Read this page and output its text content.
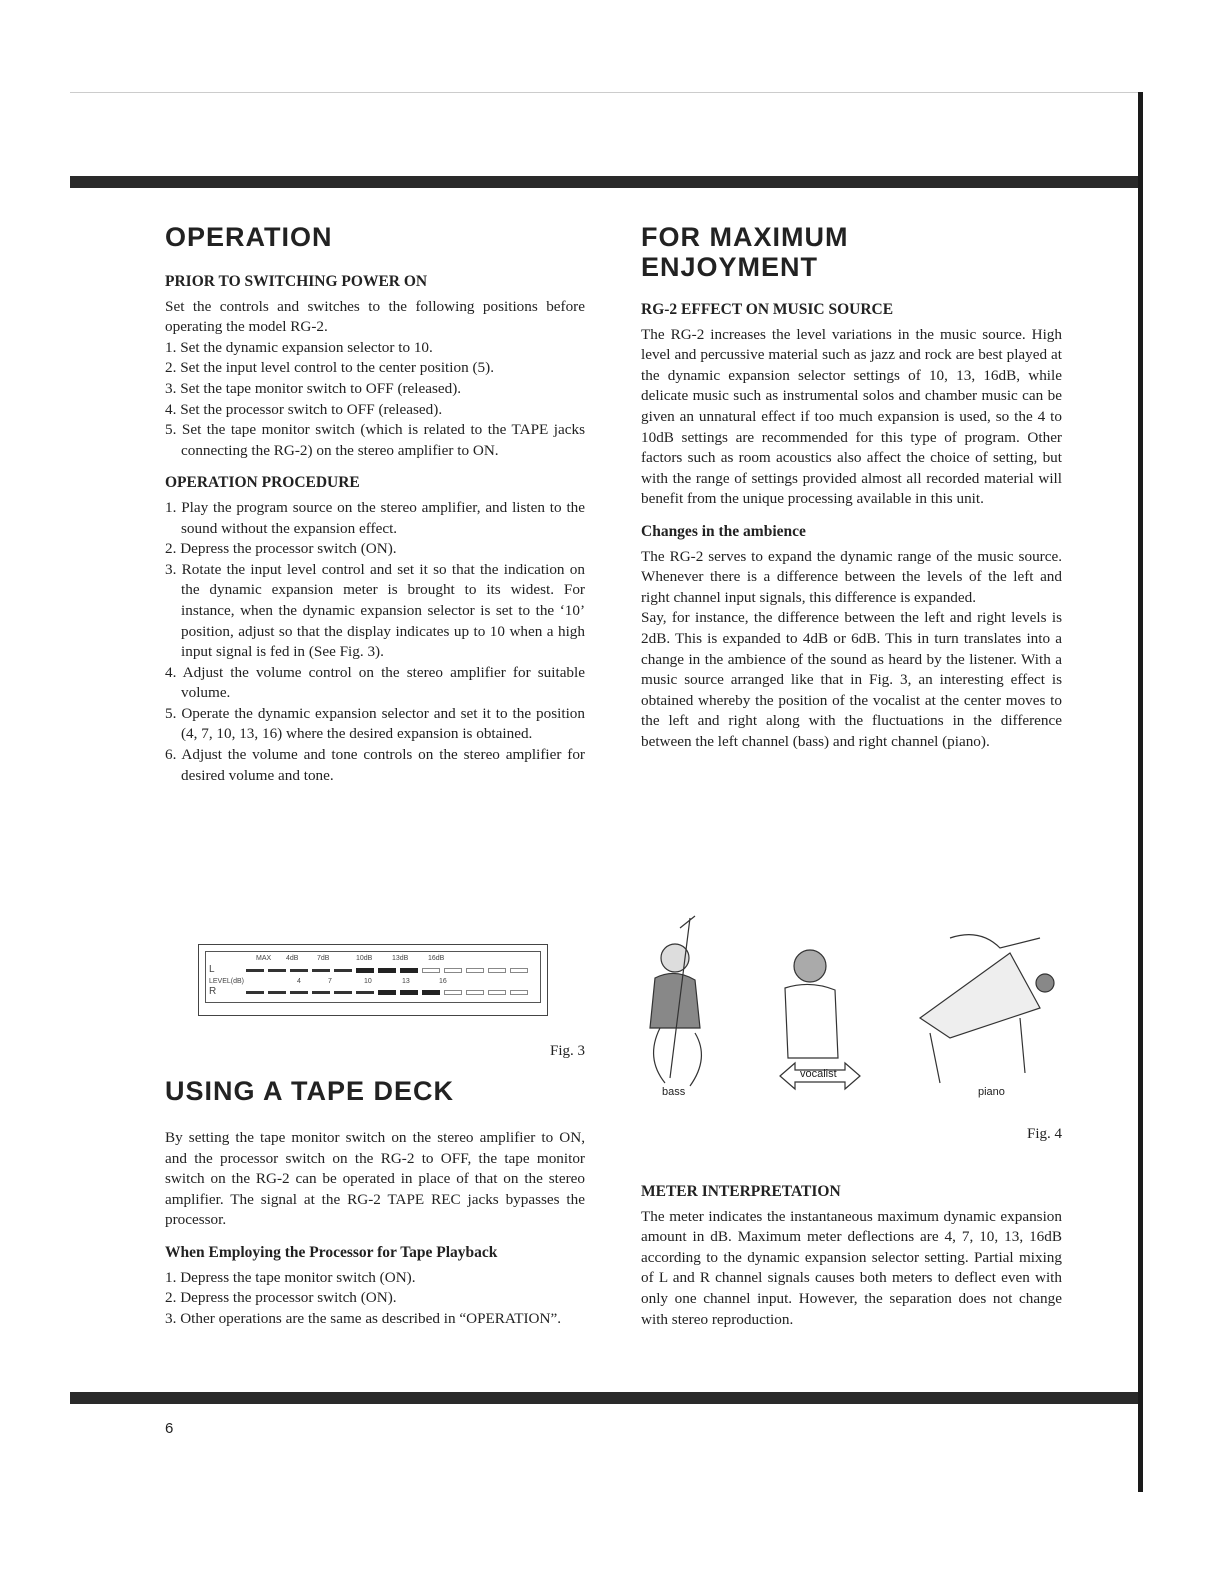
OPERATION
PRIOR TO SWITCHING POWER ON

Set the controls and switches to the following positions before operating the model RG-2.

1. Set the dynamic expansion selector to 10.
2. Set the input level control to the center position (5).
3. Set the tape monitor switch to OFF (released).
4. Set the processor switch to OFF (released).
5. Set the tape monitor switch (which is related to the TAPE jacks connecting the RG-2) on the stereo amplifier to ON.
OPERATION PROCEDURE
1. Play the program source on the stereo amplifier, and listen to the sound without the expansion effect.
2. Depress the processor switch (ON).
3. Rotate the input level control and set it so that the indication on the dynamic expansion meter is brought to its widest. For instance, when the dynamic expansion selector is set to the ‘10’ position, adjust so that the display indicates up to 10 when a high input signal is fed in (See Fig. 3).
4. Adjust the volume control on the stereo amplifier for suitable volume.
5. Operate the dynamic expansion selector and set it to the position (4, 7, 10, 13, 16) where the desired expansion is obtained.
6. Adjust the volume and tone controls on the stereo amplifier for desired volume and tone.
MAX 4dB	7dB	10dB	13dB	16dB
L
LEVEL(dB)	4	7	10	13	16
R
Fig. 3
USING A TAPE DECK

By setting the tape monitor switch on the stereo amplifier to ON, and the processor switch on the RG-2 to OFF, the tape monitor switch on the RG-2 can be operated in place of that on the stereo amplifier. The signal at the RG-2 TAPE REC jacks bypasses the processor.

When Employing the Processor for Tape Playback
1. Depress the tape monitor switch (ON).
2. Depress the processor switch (ON).
3. Other operations are the same as described in “OPERATION”.
FOR MAXIMUM
ENJOYMENT
RG-2 EFFECT ON MUSIC SOURCE

The RG-2 increases the level variations in the music source. High level and percussive material such as jazz and rock are best played at the dynamic expansion selector settings of 10, 13, 16dB, while delicate music such as instrumental solos and chamber music can be given an unnatural effect if too much expansion is used, so the 4 to 10dB settings are recommended for this type of program. Other factors such as room acoustics also affect the choice of setting, but with the range of settings provided almost all recorded material will benefit from the unique processing available in this unit.

Changes in the ambience

The RG-2 serves to expand the dynamic range of the music source. Whenever there is a difference between the levels of the left and right channel input signals, this difference is expanded.

Say, for instance, the difference between the left and right levels is 2dB. This is expanded to 4dB or 6dB. This in turn translates into a change in the ambience of the sound as heard by the listener. With a music source arranged like that in Fig. 3, an interesting effect is obtained whereby the position of the vocalist at the center moves to the left and right along with the fluctuations in the difference between the left channel (bass) and right channel (piano).

bass
vocalist
piano
Fig. 4
METER INTERPRETATION

The meter indicates the instantaneous maximum dynamic expansion amount in dB. Maximum meter deflections are 4, 7, 10, 13, 16dB according to the dynamic expansion selector setting. Partial mixing of L and R channel signals causes both meters to deflect even with only one channel input. However, the separation does not change with stereo reproduction.

6
